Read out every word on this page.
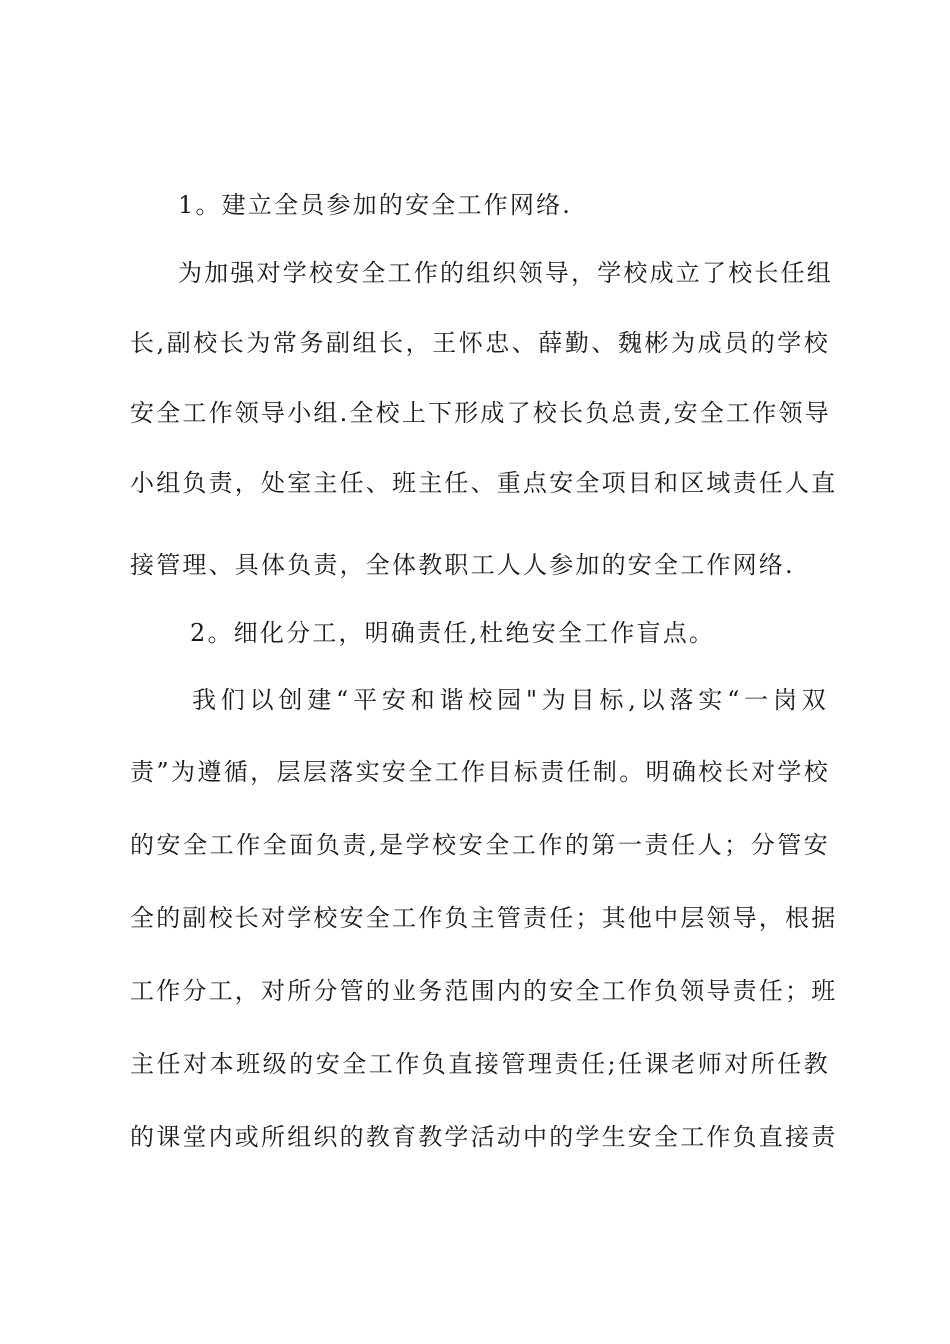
1。建立全员参加的安全工作网络.
为加强对学校安全工作的组织领导，学校成立了校长任组
长,副校长为常务副组长，王怀忠、薛勤、魏彬为成员的学校
安全工作领导小组.全校上下形成了校长负总责,安全工作领导
小组负责，处室主任、班主任、重点安全项目和区域责任人直
接管理、具体负责，全体教职工人人参加的安全工作网络.
2。细化分工，明确责任,杜绝安全工作盲点。
我们以创建“平安和谐校园"为目标,以落实“一岗双
责”为遵循，层层落实安全工作目标责任制。明确校长对学校
的安全工作全面负责,是学校安全工作的第一责任人；分管安
全的副校长对学校安全工作负主管责任；其他中层领导，根据
工作分工，对所分管的业务范围内的安全工作负领导责任；班
主任对本班级的安全工作负直接管理责任;任课老师对所任教
的课堂内或所组织的教育教学活动中的学生安全工作负直接责
